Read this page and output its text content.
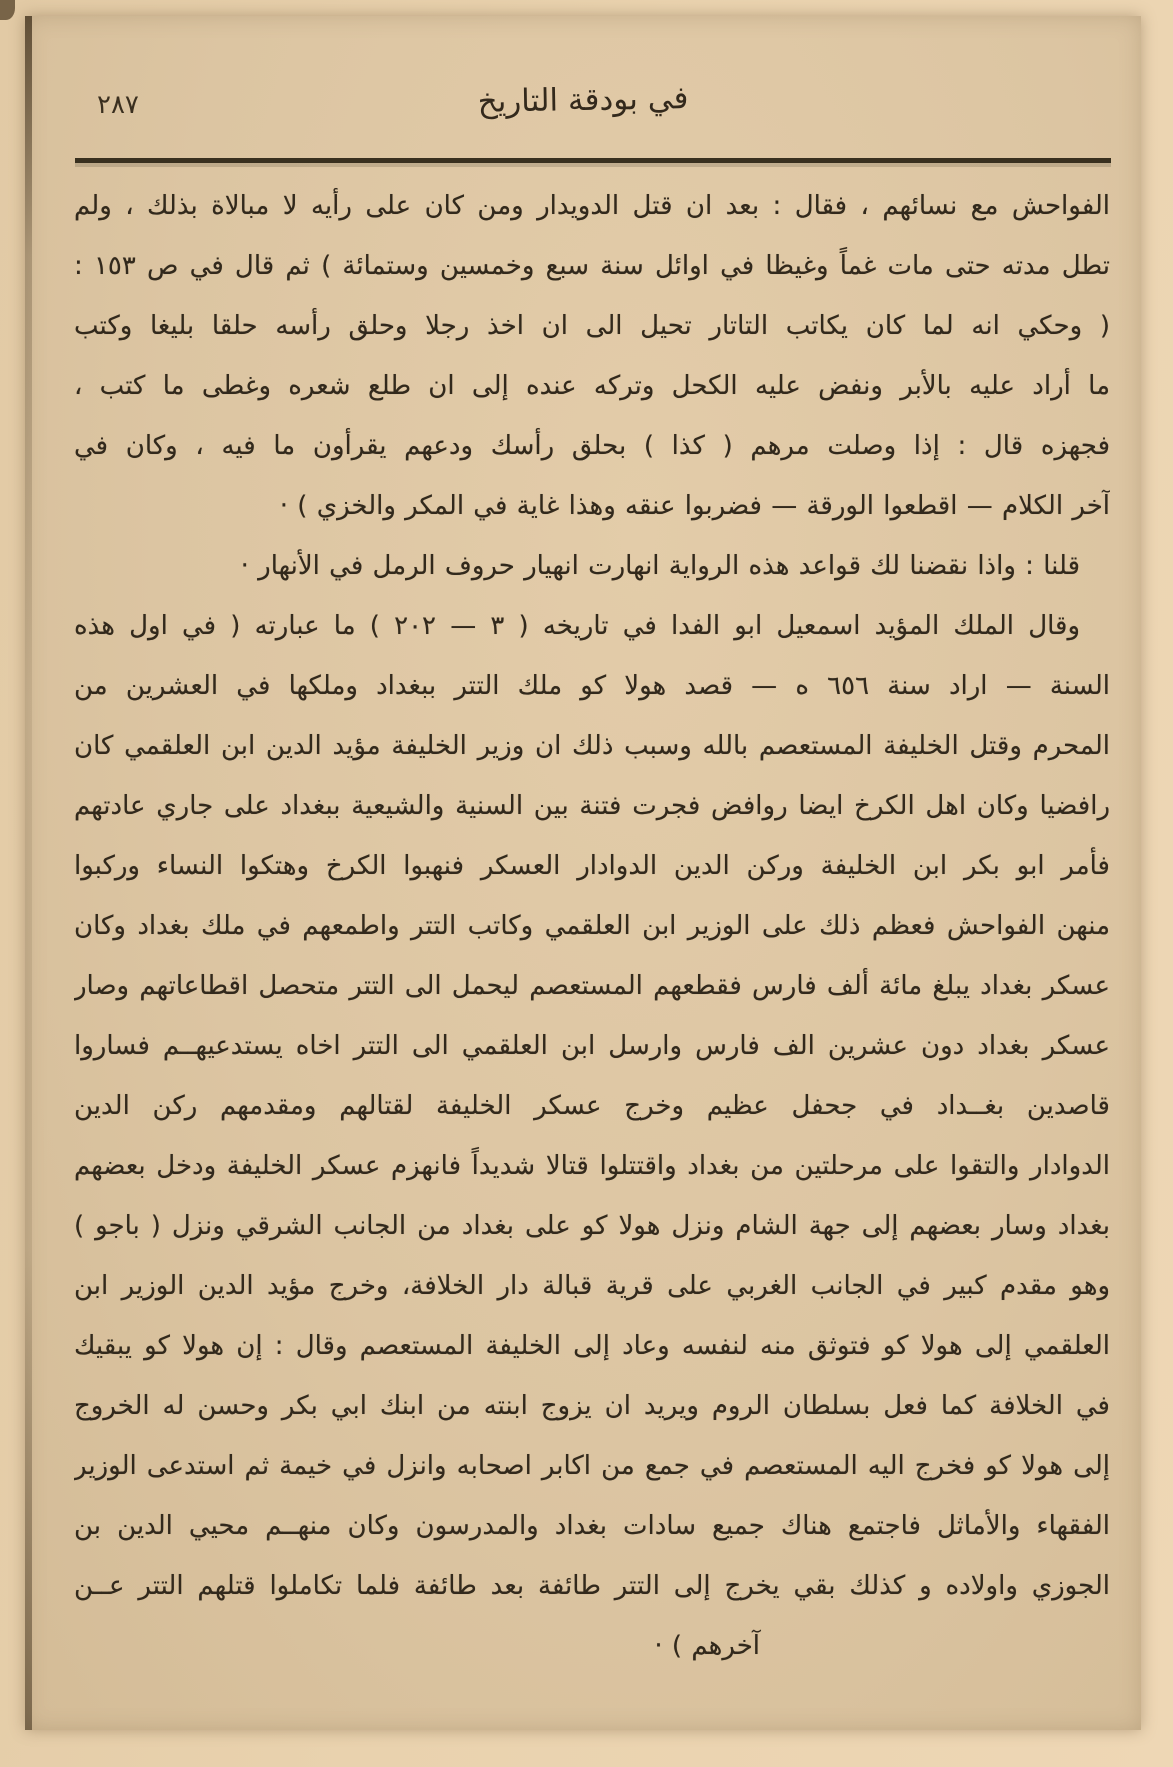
٢٨٧	في بودقة التاريخ
الفواحش مع نسائهم ، فقال : بعد ان قتل الدويدار ومن كان على رأيه لا مبالاة بذلك ، ولم
تطل مدته حتى مات غماً وغيظا في اوائل سنة سبع وخمسين وستمائة ) ثم قال في ص ١٥٣ :
( وحكي انه لما كان يكاتب التاتار تحيل الى ان اخذ رجلا وحلق رأسه حلقا بليغا وكتب
ما أراد عليه بالأبر ونفض عليه الكحل وتركه عنده إلى ان طلع شعره وغطى ما كتب ،
فجهزه قال : إذا وصلت مرهم ( كذا ) بحلق رأسك ودعهم يقرأون ما فيه ، وكان في
آخر الكلام — اقطعوا الورقة — فضربوا عنقه وهذا غاية في المكر والخزي ) ·
قلنا : واذا نقضنا لك قواعد هذه الرواية انهارت انهيار حروف الرمل في الأنهار ·
وقال الملك المؤيد اسمعيل ابو الفدا في تاريخه ( ٣ — ٢٠٢ ) ما عبارته ( في اول هذه
السنة — اراد سنة ٦٥٦ ه — قصد هولا كو ملك التتر ببغداد وملكها في العشرين من
المحرم وقتل الخليفة المستعصم بالله وسبب ذلك ان وزير الخليفة مؤيد الدين ابن العلقمي كان
رافضيا وكان اهل الكرخ ايضا روافض فجرت فتنة بين السنية والشيعية ببغداد على جاري عادتهم
فأمر ابو بكر ابن الخليفة وركن الدين الدوادار العسكر فنهبوا الكرخ وهتكوا النساء وركبوا
منهن الفواحش فعظم ذلك على الوزير ابن العلقمي وكاتب التتر واطمعهم في ملك بغداد وكان
عسكر بغداد يبلغ مائة ألف فارس فقطعهم المستعصم ليحمل الى التتر متحصل اقطاعاتهم وصار
عسكر بغداد دون عشرين الف فارس وارسل ابن العلقمي الى التتر اخاه يستدعيهــم فساروا
قاصدين بغــداد في جحفل عظيم وخرج عسكر الخليفة لقتالهم ومقدمهم ركن الدين
الدوادار والتقوا على مرحلتين من بغداد واقتتلوا قتالا شديداً فانهزم عسكر الخليفة ودخل بعضهم
بغداد وسار بعضهم إلى جهة الشام ونزل هولا كو على بغداد من الجانب الشرقي ونزل ( باجو )
وهو مقدم كبير في الجانب الغربي على قرية قبالة دار الخلافة، وخرج مؤيد الدين الوزير ابن
العلقمي إلى هولا كو فتوثق منه لنفسه وعاد إلى الخليفة المستعصم وقال : إن هولا كو يبقيك
في الخلافة كما فعل بسلطان الروم ويريد ان يزوج ابنته من ابنك ابي بكر وحسن له الخروج
إلى هولا كو فخرج اليه المستعصم في جمع من اكابر اصحابه وانزل في خيمة ثم استدعى الوزير
الفقهاء والأماثل فاجتمع هناك جميع سادات بغداد والمدرسون وكان منهــم محيي الدين بن
الجوزي واولاده و كذلك بقي يخرج إلى التتر طائفة بعد طائفة فلما تكاملوا قتلهم التتر عــن
آخرهم ) ·
